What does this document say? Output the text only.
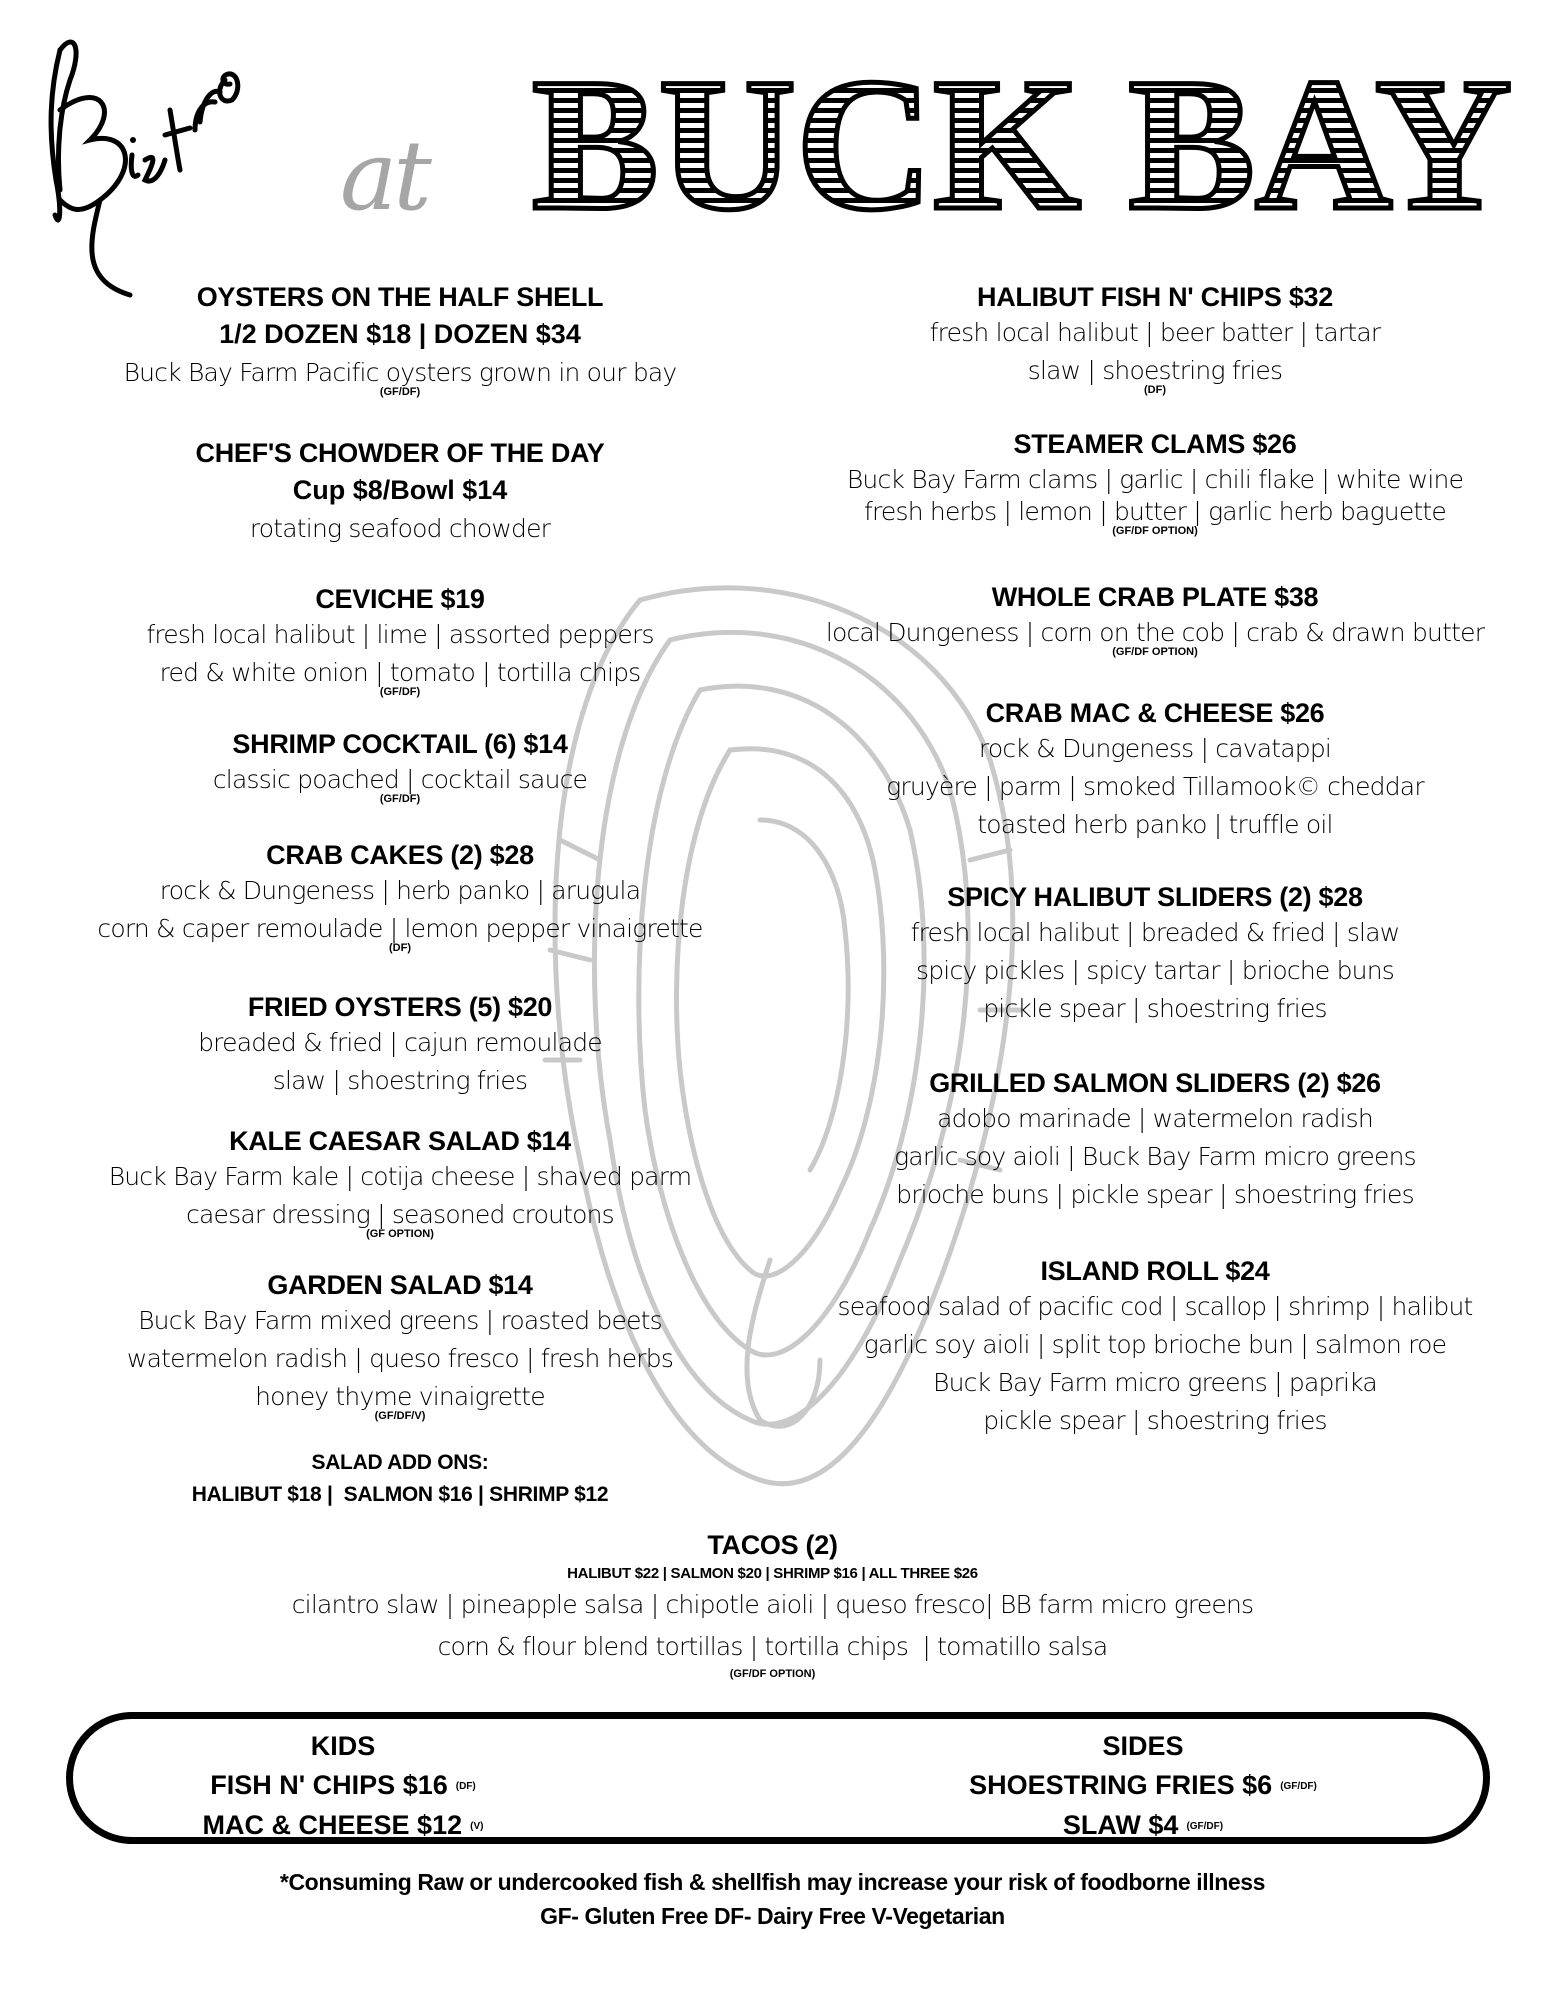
at BUCK BAY
OYSTERS ON THE HALF SHELL
1/2 DOZEN $18 | DOZEN $34
Buck Bay Farm Pacific oysters grown in our bay
(GF/DF)
CHEF'S CHOWDER OF THE DAY
Cup $8/Bowl $14
rotating seafood chowder
CEVICHE $19
fresh local halibut | lime | assorted peppers
red & white onion | tomato | tortilla chips
(GF/DF)
SHRIMP COCKTAIL (6) $14
classic poached | cocktail sauce
(GF/DF)
CRAB CAKES (2) $28
rock & Dungeness | herb panko | arugula
corn & caper remoulade | lemon pepper vinaigrette
(DF)
FRIED OYSTERS (5) $20
breaded & fried | cajun remoulade
slaw | shoestring fries
KALE CAESAR SALAD $14
Buck Bay Farm kale | cotija cheese | shaved parm
caesar dressing | seasoned croutons
(GF OPTION)
GARDEN SALAD $14
Buck Bay Farm mixed greens | roasted beets
watermelon radish | queso fresco | fresh herbs
honey thyme vinaigrette
(GF/DF/V)
SALAD ADD ONS:
HALIBUT $18 |  SALMON $16 | SHRIMP $12
HALIBUT FISH N' CHIPS $32
fresh local halibut | beer batter | tartar
slaw | shoestring fries
(DF)
STEAMER CLAMS $26
Buck Bay Farm clams | garlic | chili flake | white wine
fresh herbs | lemon | butter | garlic herb baguette
(GF/DF OPTION)
WHOLE CRAB PLATE $38
local Dungeness | corn on the cob | crab & drawn butter
(GF/DF OPTION)
CRAB MAC & CHEESE $26
rock & Dungeness | cavatappi
gruyère | parm | smoked Tillamook© cheddar
toasted herb panko | truffle oil
SPICY HALIBUT SLIDERS (2) $28
fresh local halibut | breaded & fried | slaw
spicy pickles | spicy tartar | brioche buns
pickle spear | shoestring fries
GRILLED SALMON SLIDERS (2) $26
adobo marinade | watermelon radish
garlic soy aioli | Buck Bay Farm micro greens
brioche buns | pickle spear | shoestring fries
ISLAND ROLL $24
seafood salad of pacific cod | scallop | shrimp | halibut
garlic soy aioli | split top brioche bun | salmon roe
Buck Bay Farm micro greens | paprika
pickle spear | shoestring fries
TACOS (2)
HALIBUT $22 | SALMON $20 | SHRIMP $16 | ALL THREE $26
cilantro slaw | pineapple salsa | chipotle aioli | queso fresco| BB farm micro greens
corn & flour blend tortillas | tortilla chips  | tomatillo salsa
(GF/DF OPTION)
KIDS
FISH N' CHIPS $16 $^{(DF)}$
MAC & CHEESE $12 $^{(V)}$
SIDES
SHOESTRING FRIES $6 $^{(GF/DF)}$
SLAW $4 $^{(GF/DF)}$
*Consuming Raw or undercooked fish & shellfish may increase your risk of foodborne illness
GF- Gluten Free DF- Dairy Free V-Vegetarian
